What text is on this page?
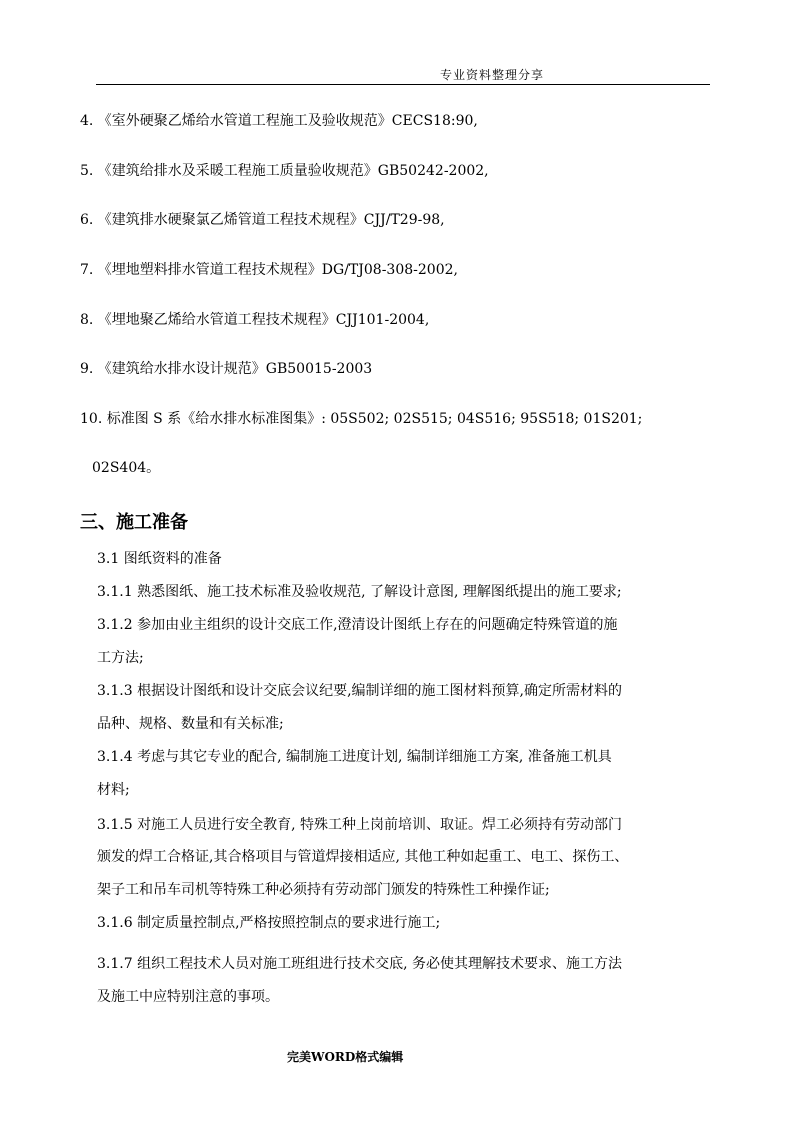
专业资料整理分享
4. 《室外硬聚乙烯给水管道工程施工及验收规范》CECS18:90,
5. 《建筑给排水及采暖工程施工质量验收规范》GB50242-2002,
6. 《建筑排水硬聚氯乙烯管道工程技术规程》CJJ/T29-98,
7. 《埋地塑料排水管道工程技术规程》DG/TJ08-308-2002,
8. 《埋地聚乙烯给水管道工程技术规程》CJJ101-2004,
9. 《建筑给水排水设计规范》GB50015-2003
10. 标准图 S 系《给水排水标准图集》: 05S502; 02S515; 04S516; 95S518; 01S201;
02S404。
三、施工准备
3.1 图纸资料的准备
3.1.1 熟悉图纸、施工技术标准及验收规范, 了解设计意图, 理解图纸提出的施工要求;
3.1.2 参加由业主组织的设计交底工作,澄清设计图纸上存在的问题确定特殊管道的施
工方法;
3.1.3 根据设计图纸和设计交底会议纪要,编制详细的施工图材料预算,确定所需材料的
品种、规格、数量和有关标准;
3.1.4 考虑与其它专业的配合, 编制施工进度计划, 编制详细施工方案, 准备施工机具
材料;
3.1.5 对施工人员进行安全教育, 特殊工种上岗前培训、取证。焊工必须持有劳动部门
颁发的焊工合格证,其合格项目与管道焊接相适应, 其他工种如起重工、电工、探伤工、
架子工和吊车司机等特殊工种必须持有劳动部门颁发的特殊性工种操作证;
3.1.6 制定质量控制点,严格按照控制点的要求进行施工;
3.1.7 组织工程技术人员对施工班组进行技术交底, 务必使其理解技术要求、施工方法
及施工中应特别注意的事项。
完美WORD格式编辑
